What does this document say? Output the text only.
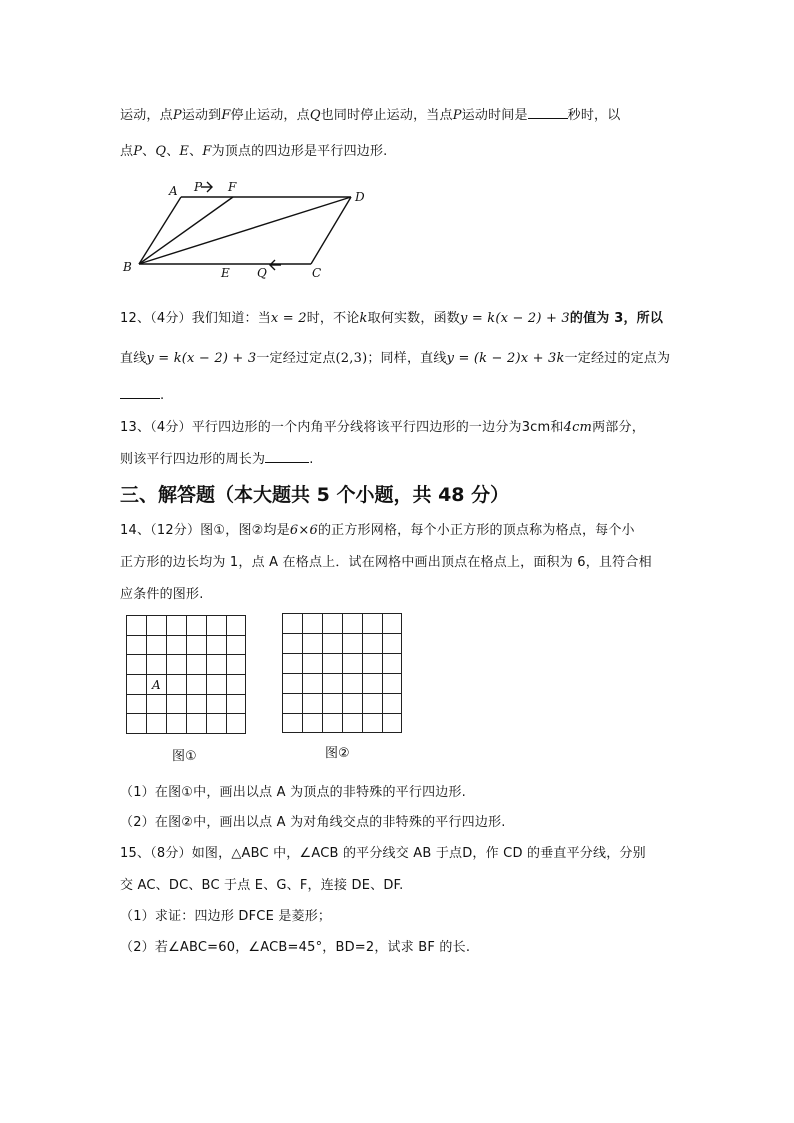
运动，点P运动到F停止运动，点Q也同时停止运动，当点P运动时间是	秒时，以
点P、Q、E、F为顶点的四边形是平行四边形.
A P F
D
B	E Q	C
12、（4分）我们知道：当x = 2时，不论k取何实数，函数y = k(x − 2) + 3的值为 3，所以
直线y = k(x − 2) + 3一定经过定点(2,3)；同样，直线y = (k − 2)x + 3k一定经过的定点为
.
13、（4分）平行四边形的一个内角平分线将该平行四边形的一边分为3cm和4cm两部分，
则该平行四边形的周长为	.
三、解答题（本大题共 5 个小题，共 48 分）
14、（12分）图①，图②均是6×6的正方形网格，每个小正方形的顶点称为格点，每个小
正方形的边长均为 1，点 A 在格点上．试在网格中画出顶点在格点上，面积为 6，且符合相
应条件的图形.
A
图①	图②
（1）在图①中，画出以点 A 为顶点的非特殊的平行四边形.
（2）在图②中，画出以点 A 为对角线交点的非特殊的平行四边形.
15、（8分）如图，△ABC 中，∠ACB 的平分线交 AB 于点D，作 CD 的垂直平分线，分别
交 AC、DC、BC 于点 E、G、F，连接 DE、DF.
（1）求证：四边形 DFCE 是菱形；
（2）若∠ABC=60，∠ACB=45°，BD=2，试求 BF 的长.
